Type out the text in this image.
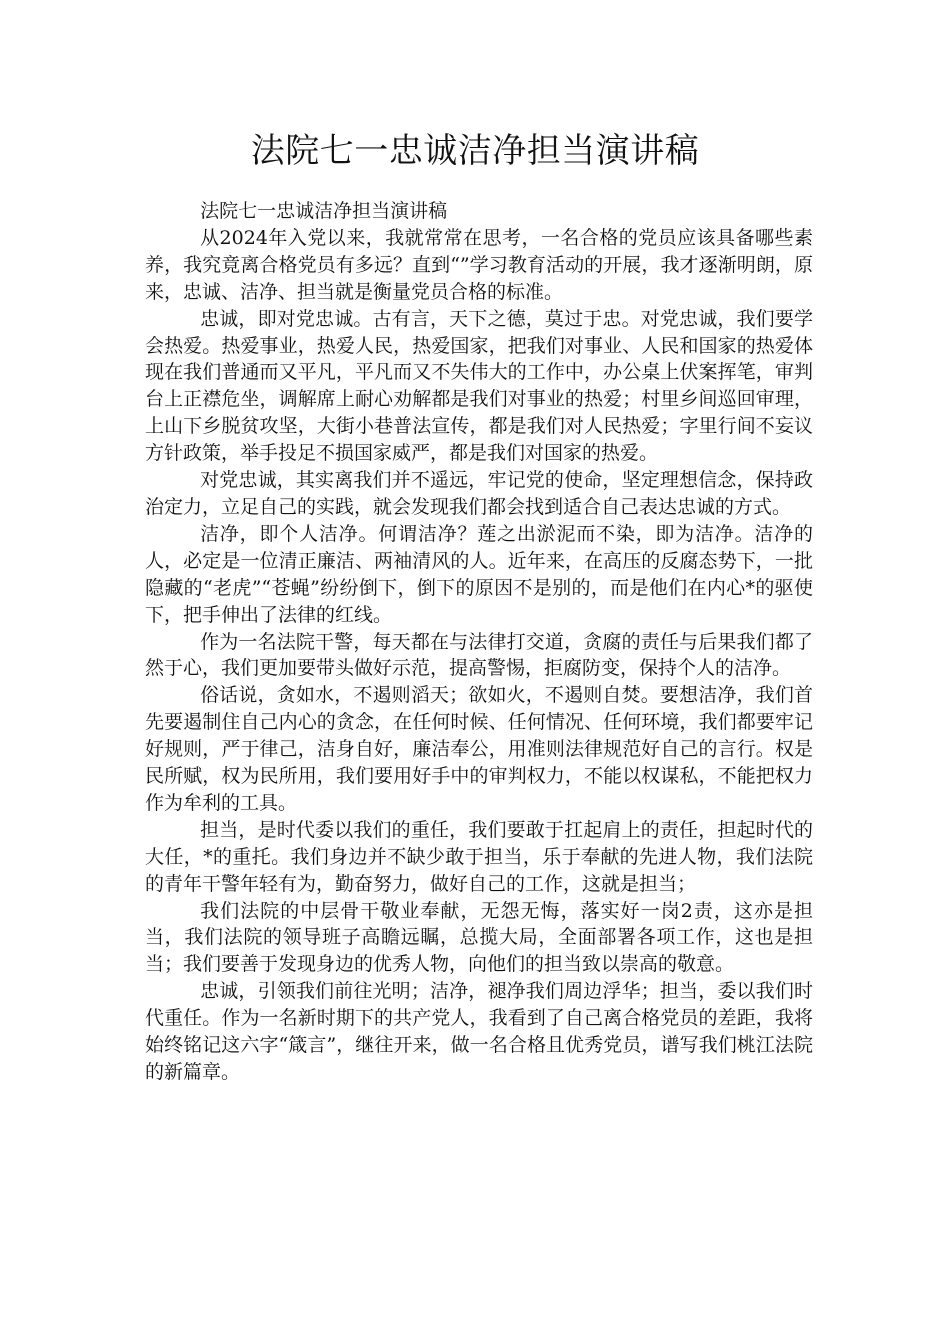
法院七一忠诚洁净担当演讲稿

法院七一忠诚洁净担当演讲稿

从2024年入党以来，我就常常在思考，一名合格的党员应该具备哪些素养，我究竟离合格党员有多远？直到“”学习教育活动的开展，我才逐渐明朗，原来，忠诚、洁净、担当就是衡量党员合格的标准。

忠诚，即对党忠诚。古有言，天下之德，莫过于忠。对党忠诚，我们要学会热爱。热爱事业，热爱人民，热爱国家，把我们对事业、人民和国家的热爱体现在我们普通而又平凡，平凡而又不失伟大的工作中，办公桌上伏案挥笔，审判台上正襟危坐，调解席上耐心劝解都是我们对事业的热爱；村里乡间巡回审理，上山下乡脱贫攻坚，大街小巷普法宣传，都是我们对人民热爱；字里行间不妄议方针政策，举手投足不损国家威严，都是我们对国家的热爱。

对党忠诚，其实离我们并不遥远，牢记党的使命，坚定理想信念，保持政治定力，立足自己的实践，就会发现我们都会找到适合自己表达忠诚的方式。

洁净，即个人洁净。何谓洁净？莲之出淤泥而不染，即为洁净。洁净的人，必定是一位清正廉洁、两袖清风的人。近年来，在高压的反腐态势下，一批隐藏的“老虎”“苍蝇”纷纷倒下，倒下的原因不是别的，而是他们在内心*的驱使下，把手伸出了法律的红线。

作为一名法院干警，每天都在与法律打交道，贪腐的责任与后果我们都了然于心，我们更加要带头做好示范，提高警惕，拒腐防变，保持个人的洁净。

俗话说，贪如水，不遏则滔天；欲如火，不遏则自焚。要想洁净，我们首先要遏制住自己内心的贪念，在任何时候、任何情况、任何环境，我们都要牢记好规则，严于律己，洁身自好，廉洁奉公，用准则法律规范好自己的言行。权是民所赋，权为民所用，我们要用好手中的审判权力，不能以权谋私，不能把权力作为牟利的工具。

担当，是时代委以我们的重任，我们要敢于扛起肩上的责任，担起时代的大任，*的重托。我们身边并不缺少敢于担当，乐于奉献的先进人物，我们法院的青年干警年轻有为，勤奋努力，做好自己的工作，这就是担当；

我们法院的中层骨干敬业奉献，无怨无悔，落实好一岗2责，这亦是担当，我们法院的领导班子高瞻远瞩，总揽大局，全面部署各项工作，这也是担当；我们要善于发现身边的优秀人物，向他们的担当致以崇高的敬意。

忠诚，引领我们前往光明；洁净，褪净我们周边浮华；担当，委以我们时代重任。作为一名新时期下的共产党人，我看到了自己离合格党员的差距，我将始终铭记这六字“箴言”，继往开来，做一名合格且优秀党员，谱写我们桃江法院的新篇章。
